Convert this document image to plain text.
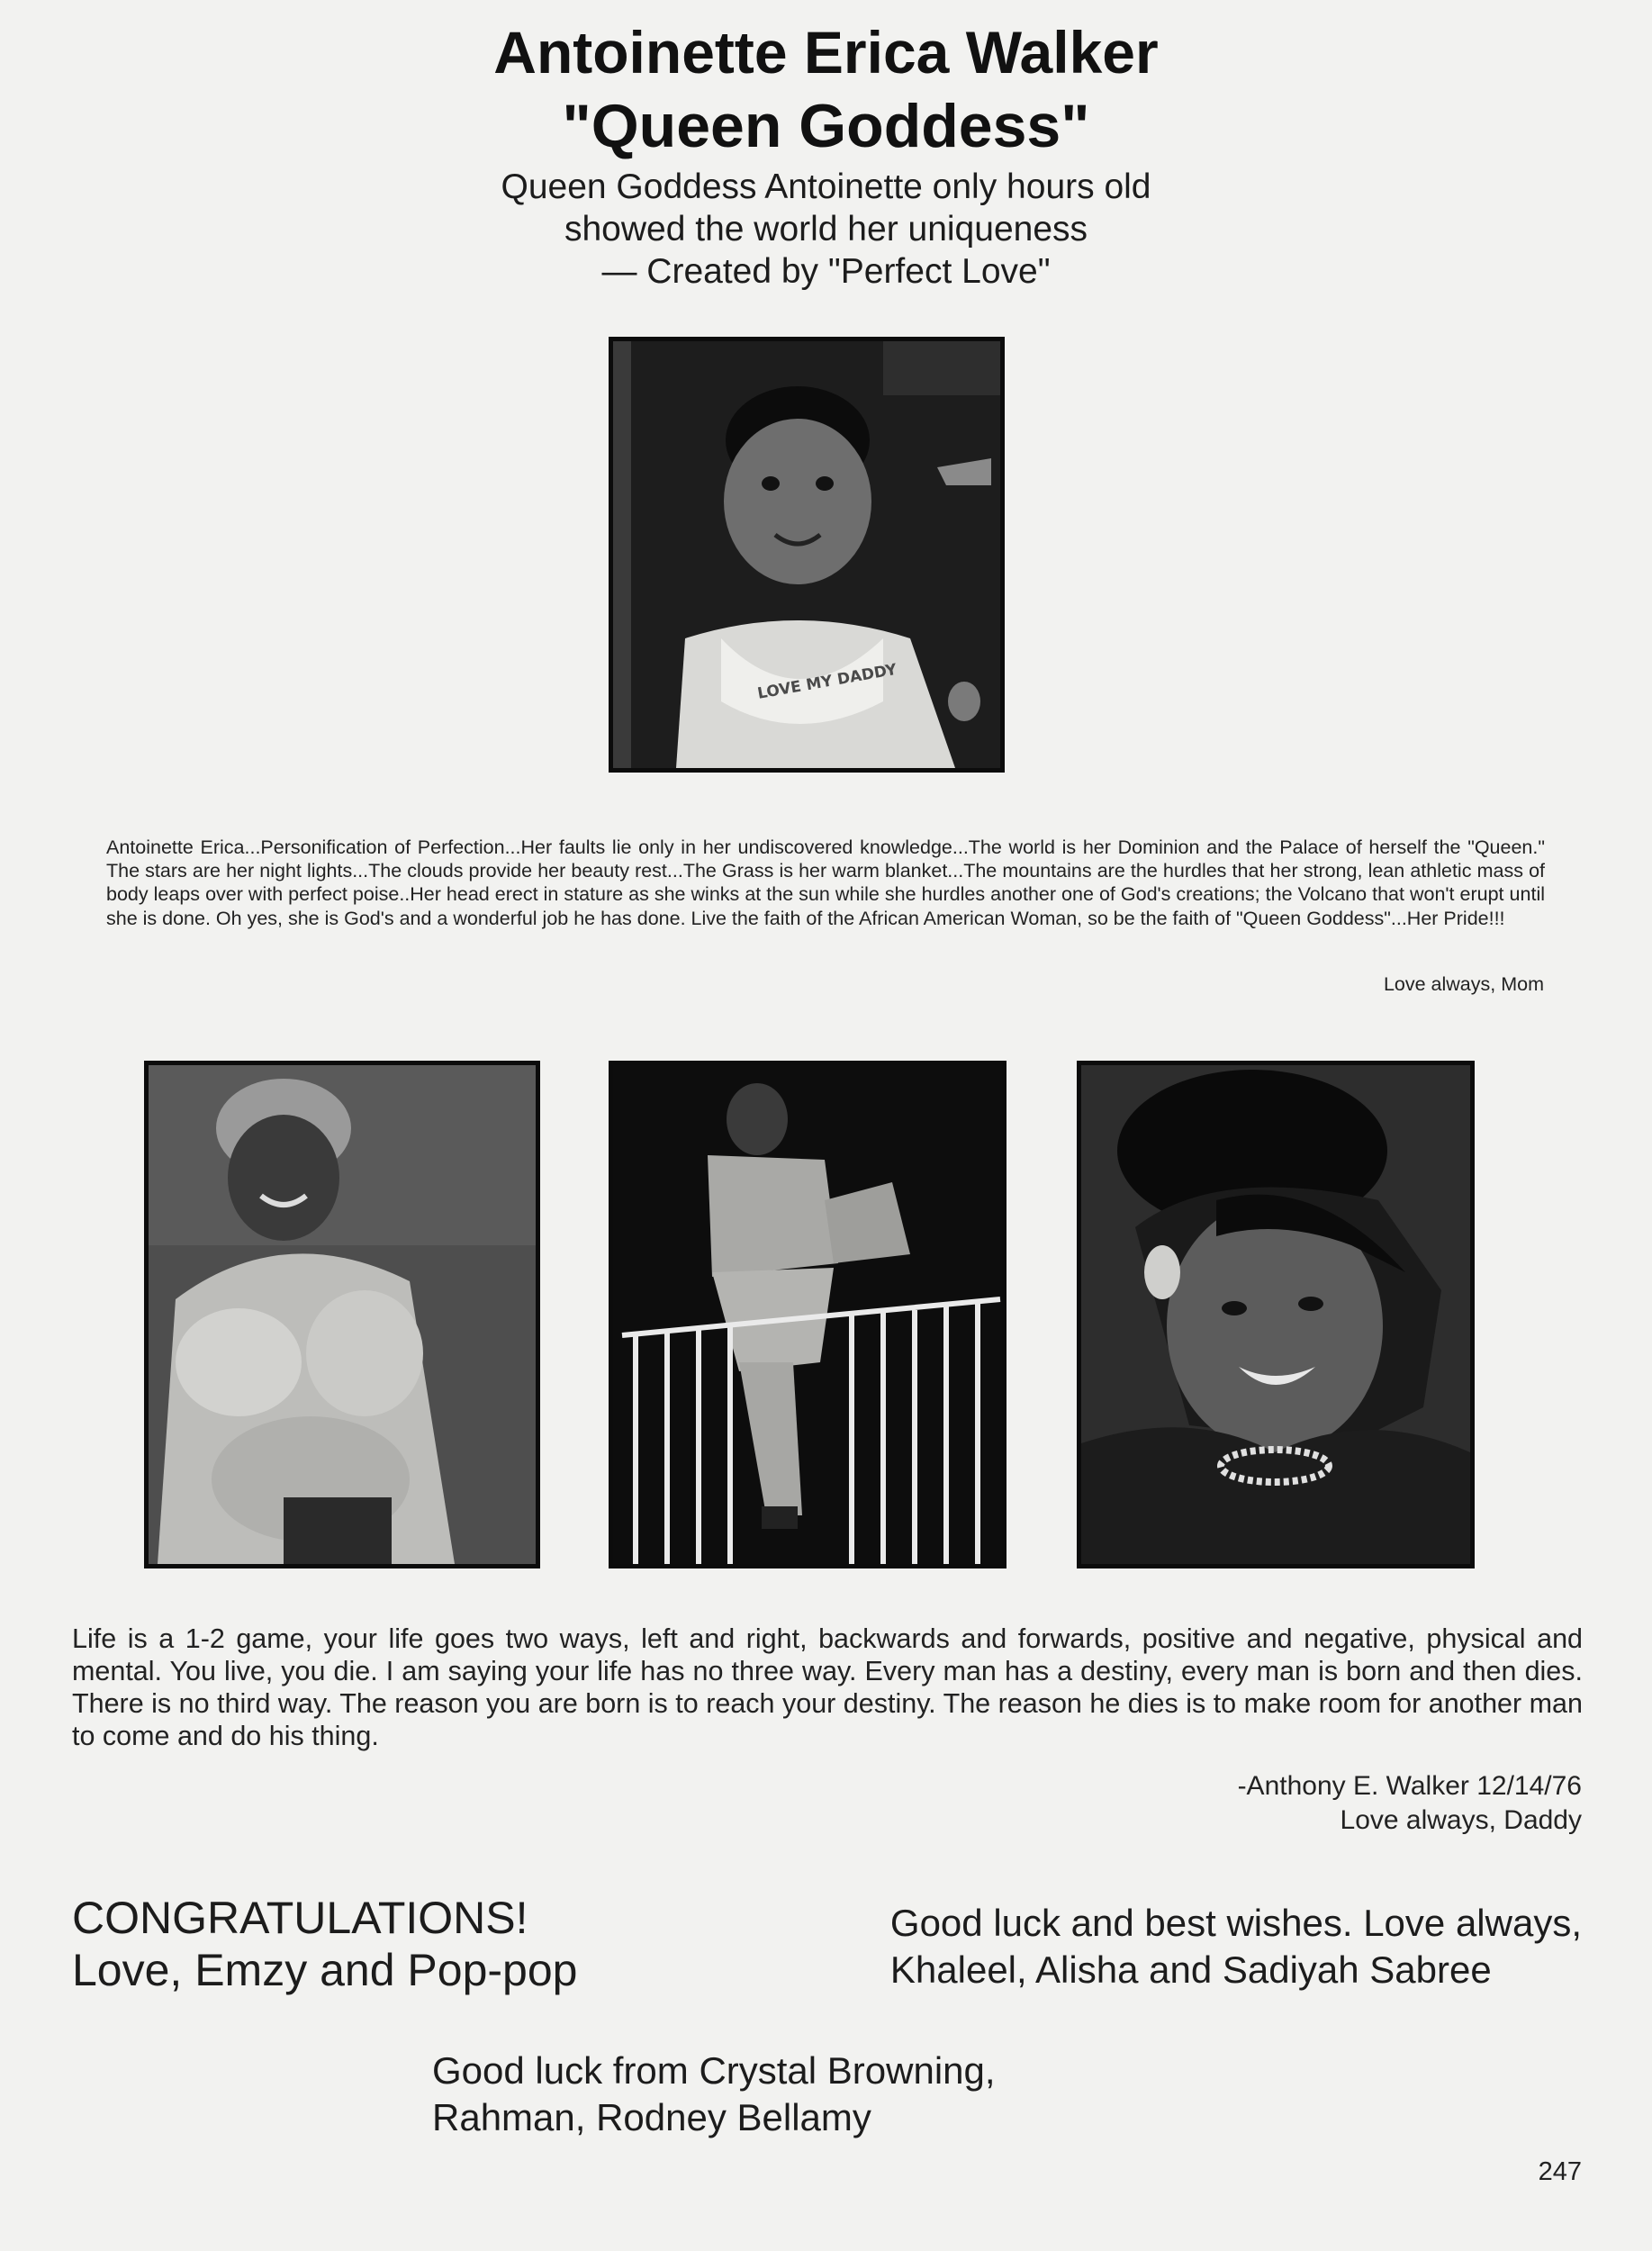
Antoinette Erica Walker
"Queen Goddess"
Queen Goddess Antoinette only hours old
showed the world her uniqueness
— Created by "Perfect Love"
LOVE MY DADDY
Antoinette Erica...Personification of Perfection...Her faults lie only in her undiscovered knowledge...The world is her Dominion and the Palace of herself the "Queen." The stars are her night lights...The clouds provide her beauty rest...The Grass is her warm blanket...The mountains are the hurdles that her strong, lean athletic mass of body leaps over with perfect poise..Her head erect in stature as she winks at the sun while she hurdles another one of God's creations; the Volcano that won't erupt until she is done. Oh yes, she is God's and a wonderful job he has done. Live the faith of the African American Woman, so be the faith of "Queen Goddess"...Her Pride!!!
Love always, Mom
Life is a 1-2 game, your life goes two ways, left and right, backwards and forwards, positive and negative, physical and mental. You live, you die. I am saying your life has no three way. Every man has a destiny, every man is born and then dies. There is no third way. The reason you are born is to reach your destiny. The reason he dies is to make room for another man to come and do his thing.
-Anthony E. Walker 12/14/76
Love always, Daddy
CONGRATULATIONS!
Love, Emzy and Pop-pop
Good luck and best wishes. Love always,
Khaleel, Alisha and Sadiyah Sabree
Good luck from Crystal Browning,
Rahman, Rodney Bellamy
247
